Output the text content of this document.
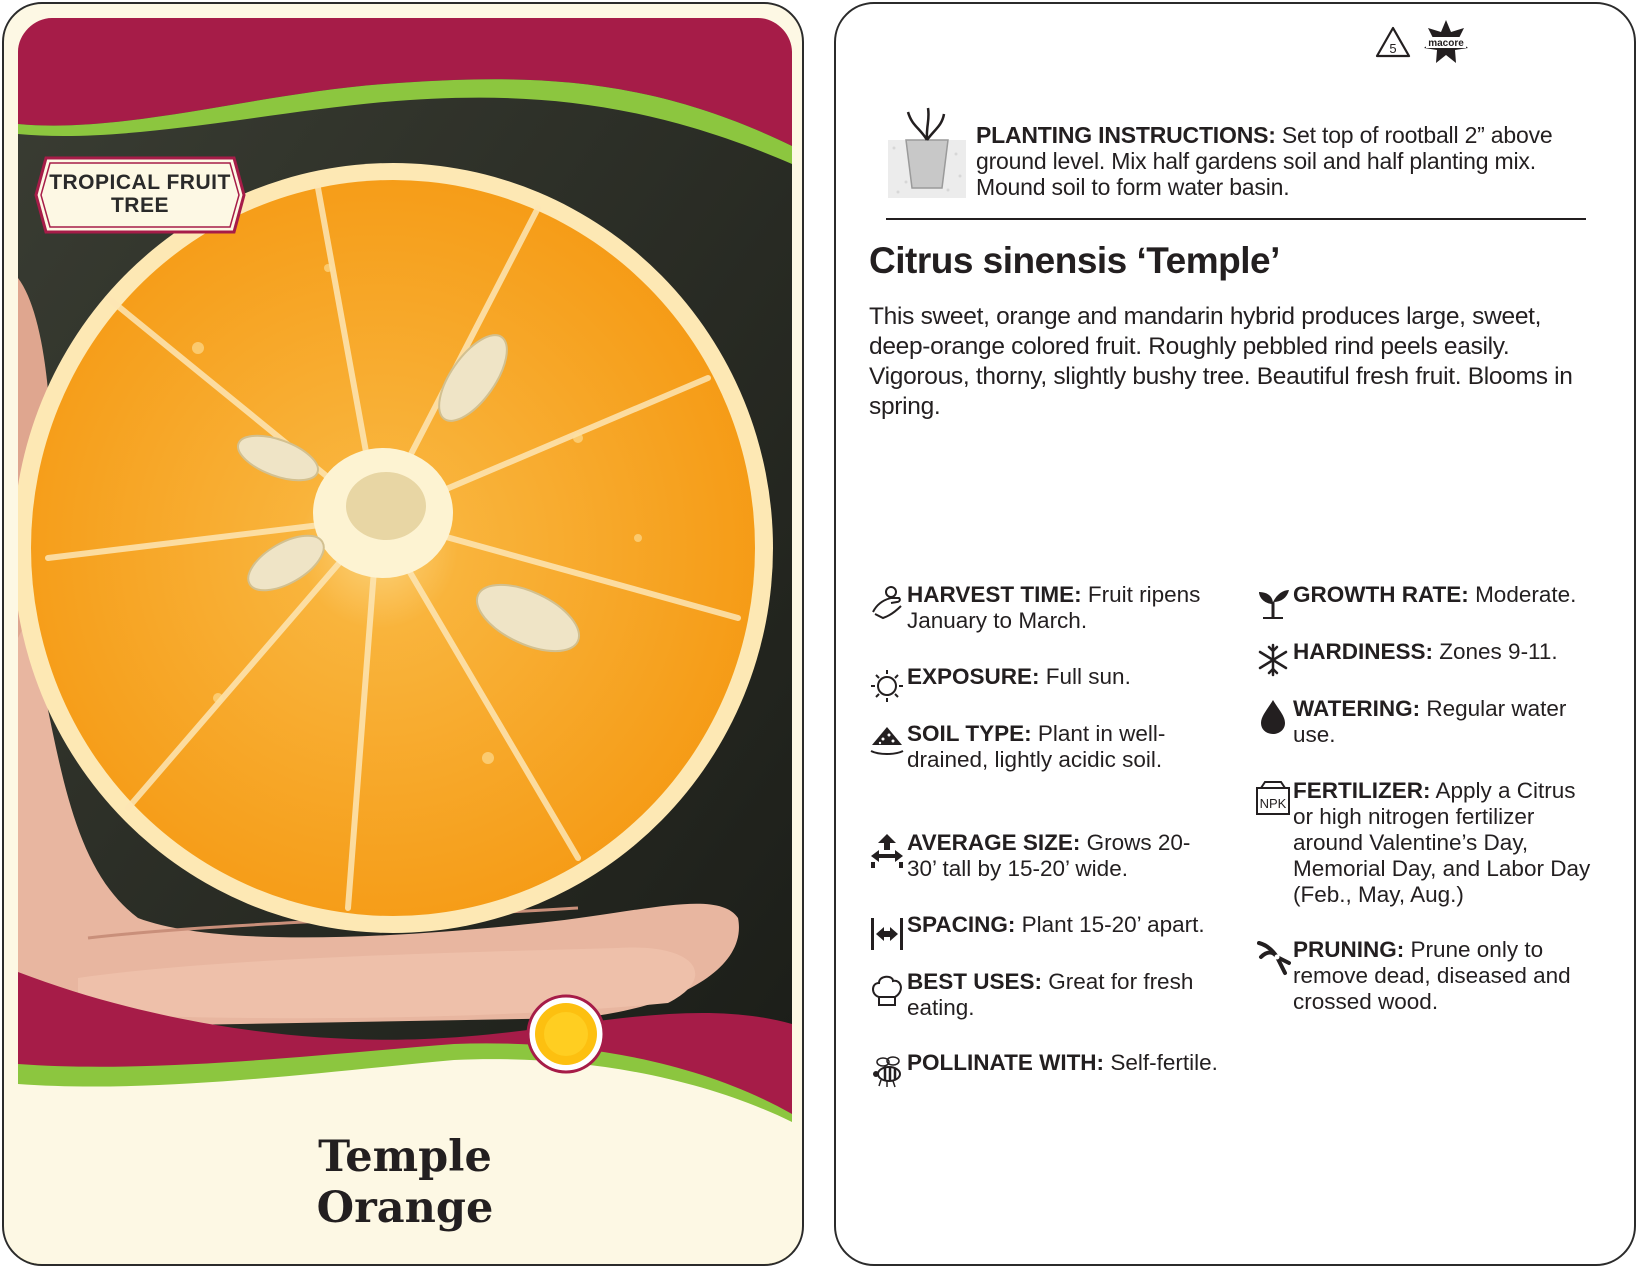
TROPICAL FRUIT
TREE
Temple
Orange
5	macore
PLANTING INSTRUCTIONS: Set top of rootball 2” above ground level. Mix half gardens soil and half planting mix. Mound soil to form water basin.
Citrus sinensis ‘Temple’
This sweet, orange and mandarin hybrid produces large, sweet, deep-orange colored fruit. Roughly pebbled rind peels easily. Vigorous, thorny, slightly bushy tree. Beautiful fresh fruit. Blooms in spring.
HARVEST TIME: Fruit ripens January to March.
EXPOSURE: Full sun.
SOIL TYPE: Plant in well-drained, lightly acidic soil.
AVERAGE SIZE: Grows 20-30’ tall by 15-20’ wide.
SPACING: Plant 15-20’ apart.
BEST USES: Great for fresh eating.
POLLINATE WITH: Self-fertile.
GROWTH RATE: Moderate.
HARDINESS: Zones 9-11.
WATERING: Regular water use.
NPK
FERTILIZER: Apply a Citrus or high nitrogen fertilizer around Valentine’s Day, Memorial Day, and Labor Day (Feb., May, Aug.)
PRUNING: Prune only to remove dead, diseased and crossed wood.
